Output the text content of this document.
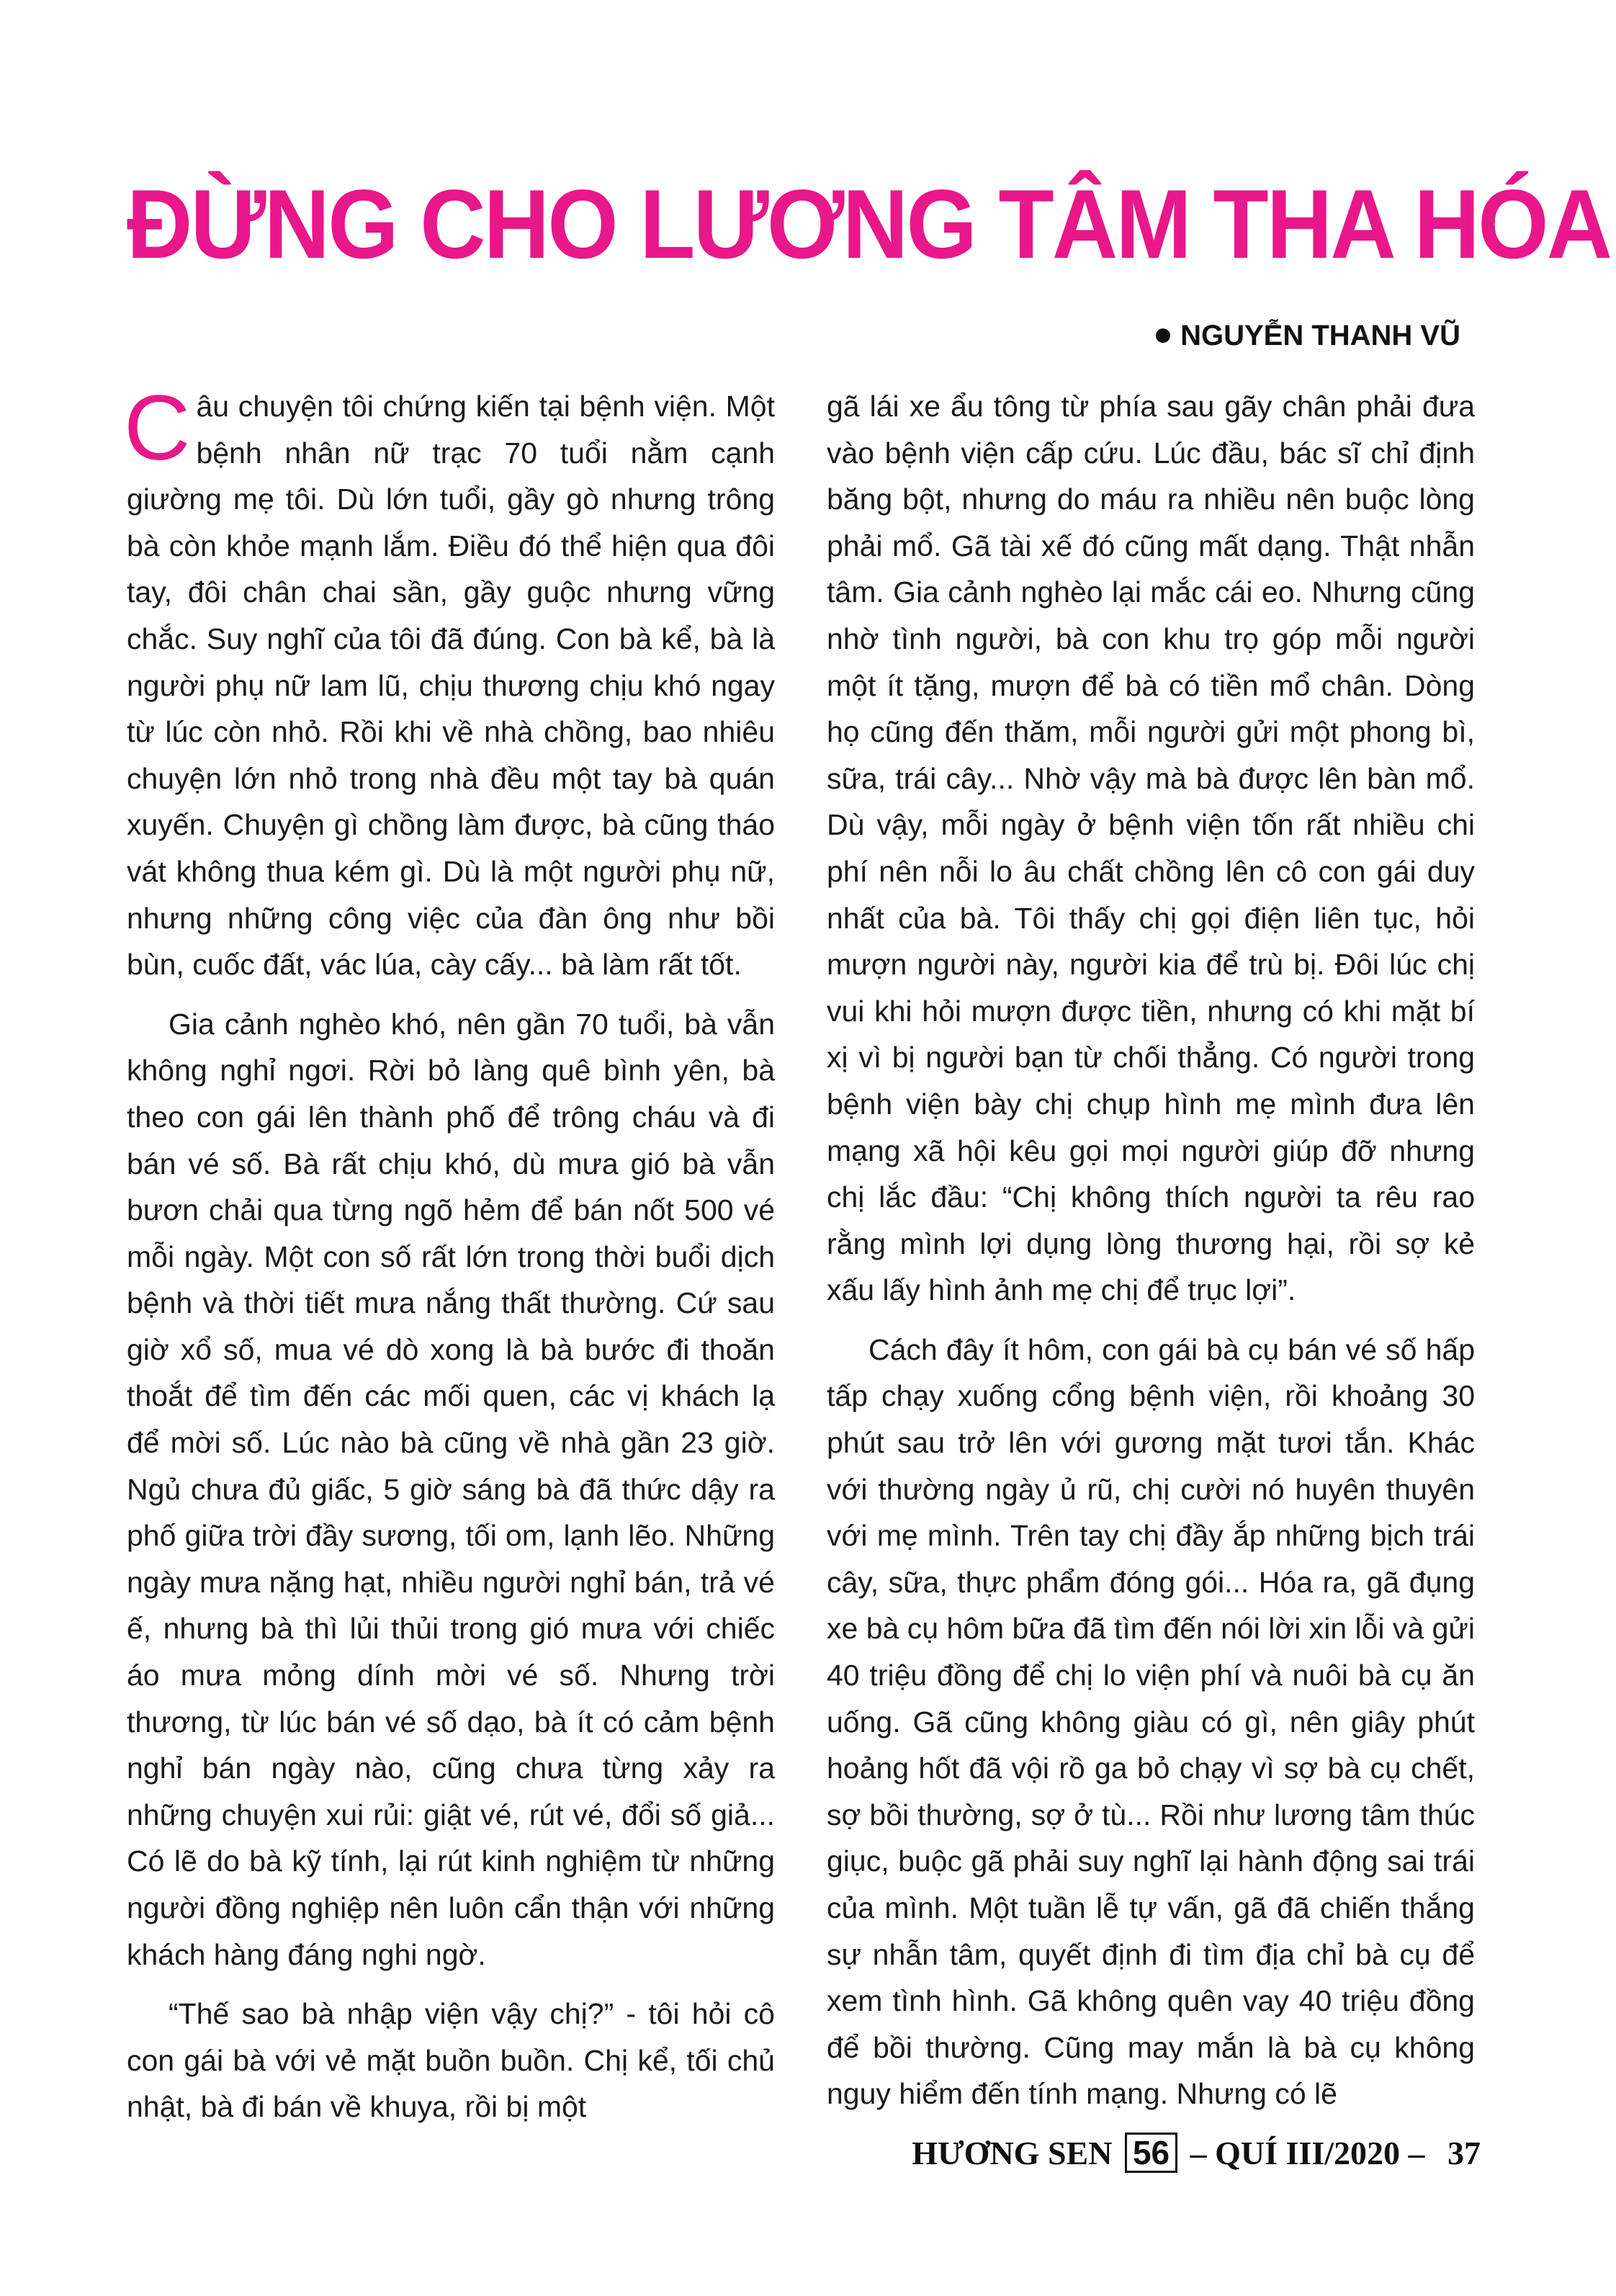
ĐỪNG CHO LƯƠNG TÂM THA HÓA
NGUYỄN THANH VŨ

Câu chuyện tôi chứng kiến tại bệnh viện. Một bệnh nhân nữ trạc 70 tuổi nằm cạnh giường mẹ tôi. Dù lớn tuổi, gầy gò nhưng trông bà còn khỏe mạnh lắm. Điều đó thể hiện qua đôi tay, đôi chân chai sần, gầy guộc nhưng vững chắc. Suy nghĩ của tôi đã đúng. Con bà kể, bà là người phụ nữ lam lũ, chịu thương chịu khó ngay từ lúc còn nhỏ. Rồi khi về nhà chồng, bao nhiêu chuyện lớn nhỏ trong nhà đều một tay bà quán xuyến. Chuyện gì chồng làm được, bà cũng tháo vát không thua kém gì. Dù là một người phụ nữ, nhưng những công việc của đàn ông như bồi bùn, cuốc đất, vác lúa, cày cấy... bà làm rất tốt.

Gia cảnh nghèo khó, nên gần 70 tuổi, bà vẫn không nghỉ ngơi. Rời bỏ làng quê bình yên, bà theo con gái lên thành phố để trông cháu và đi bán vé số. Bà rất chịu khó, dù mưa gió bà vẫn bươn chải qua từng ngõ hẻm để bán nốt 500 vé mỗi ngày. Một con số rất lớn trong thời buổi dịch bệnh và thời tiết mưa nắng thất thường. Cứ sau giờ xổ số, mua vé dò xong là bà bước đi thoăn thoắt để tìm đến các mối quen, các vị khách lạ để mời số. Lúc nào bà cũng về nhà gần 23 giờ. Ngủ chưa đủ giấc, 5 giờ sáng bà đã thức dậy ra phố giữa trời đầy sương, tối om, lạnh lẽo. Những ngày mưa nặng hạt, nhiều người nghỉ bán, trả vé ế, nhưng bà thì lủi thủi trong gió mưa với chiếc áo mưa mỏng dính mời vé số. Nhưng trời thương, từ lúc bán vé số dạo, bà ít có cảm bệnh nghỉ bán ngày nào, cũng chưa từng xảy ra những chuyện xui rủi: giật vé, rút vé, đổi số giả... Có lẽ do bà kỹ tính, lại rút kinh nghiệm từ những người đồng nghiệp nên luôn cẩn thận với những khách hàng đáng nghi ngờ.

“Thế sao bà nhập viện vậy chị?” - tôi hỏi cô con gái bà với vẻ mặt buồn buồn. Chị kể, tối chủ nhật, bà đi bán về khuya, rồi bị một

gã lái xe ẩu tông từ phía sau gãy chân phải đưa vào bệnh viện cấp cứu. Lúc đầu, bác sĩ chỉ định băng bột, nhưng do máu ra nhiều nên buộc lòng phải mổ. Gã tài xế đó cũng mất dạng. Thật nhẫn tâm. Gia cảnh nghèo lại mắc cái eo. Nhưng cũng nhờ tình người, bà con khu trọ góp mỗi người một ít tặng, mượn để bà có tiền mổ chân. Dòng họ cũng đến thăm, mỗi người gửi một phong bì, sữa, trái cây... Nhờ vậy mà bà được lên bàn mổ. Dù vậy, mỗi ngày ở bệnh viện tốn rất nhiều chi phí nên nỗi lo âu chất chồng lên cô con gái duy nhất của bà. Tôi thấy chị gọi điện liên tục, hỏi mượn người này, người kia để trù bị. Đôi lúc chị vui khi hỏi mượn được tiền, nhưng có khi mặt bí xị vì bị người bạn từ chối thẳng. Có người trong bệnh viện bày chị chụp hình mẹ mình đưa lên mạng xã hội kêu gọi mọi người giúp đỡ nhưng chị lắc đầu: “Chị không thích người ta rêu rao rằng mình lợi dụng lòng thương hại, rồi sợ kẻ xấu lấy hình ảnh mẹ chị để trục lợi”.

Cách đây ít hôm, con gái bà cụ bán vé số hấp tấp chạy xuống cổng bệnh viện, rồi khoảng 30 phút sau trở lên với gương mặt tươi tắn. Khác với thường ngày ủ rũ, chị cười nó huyên thuyên với mẹ mình. Trên tay chị đầy ắp những bịch trái cây, sữa, thực phẩm đóng gói... Hóa ra, gã đụng xe bà cụ hôm bữa đã tìm đến nói lời xin lỗi và gửi 40 triệu đồng để chị lo viện phí và nuôi bà cụ ăn uống. Gã cũng không giàu có gì, nên giây phút hoảng hốt đã vội rồ ga bỏ chạy vì sợ bà cụ chết, sợ bồi thường, sợ ở tù... Rồi như lương tâm thúc giục, buộc gã phải suy nghĩ lại hành động sai trái của mình. Một tuần lễ tự vấn, gã đã chiến thắng sự nhẫn tâm, quyết định đi tìm địa chỉ bà cụ để xem tình hình. Gã không quên vay 40 triệu đồng để bồi thường. Cũng may mắn là bà cụ không nguy hiểm đến tính mạng. Nhưng có lẽ

HƯƠNG SEN 56 – QUÍ III/2020 – 37
